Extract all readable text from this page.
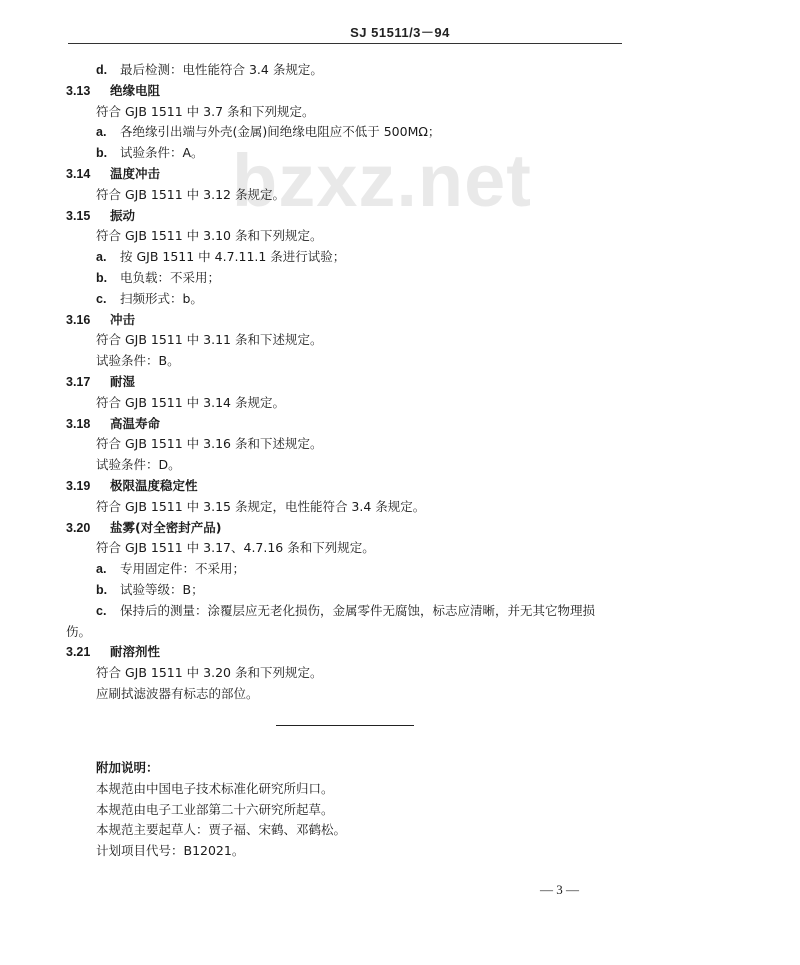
SJ 51511/3－94
bzxz.net
d. 最后检测：电性能符合 3.4 条规定。
3.13 绝缘电阻
符合 GJB 1511 中 3.7 条和下列规定。
a. 各绝缘引出端与外壳(金属)间绝缘电阻应不低于 500MΩ；
b. 试验条件：A。
3.14 温度冲击
符合 GJB 1511 中 3.12 条规定。
3.15 振动
符合 GJB 1511 中 3.10 条和下列规定。
a. 按 GJB 1511 中 4.7.11.1 条进行试验；
b. 电负载：不采用；
c. 扫频形式：b。
3.16 冲击
符合 GJB 1511 中 3.11 条和下述规定。
试验条件：B。
3.17 耐湿
符合 GJB 1511 中 3.14 条规定。
3.18 高温寿命
符合 GJB 1511 中 3.16 条和下述规定。
试验条件：D。
3.19 极限温度稳定性
符合 GJB 1511 中 3.15 条规定，电性能符合 3.4 条规定。
3.20 盐雾(对全密封产品)
符合 GJB 1511 中 3.17、4.7.16 条和下列规定。
a. 专用固定件：不采用；
b. 试验等级：B；
c. 保持后的测量：涂覆层应无老化损伤，金属零件无腐蚀，标志应清晰，并无其它物理损
伤。
3.21 耐溶剂性
符合 GJB 1511 中 3.20 条和下列规定。
应刷拭滤波器有标志的部位。
附加说明：
本规范由中国电子技术标准化研究所归口。
本规范由电子工业部第二十六研究所起草。
本规范主要起草人：贾子福、宋鹤、邓鹤松。
计划项目代号：B12021。
— 3 —
